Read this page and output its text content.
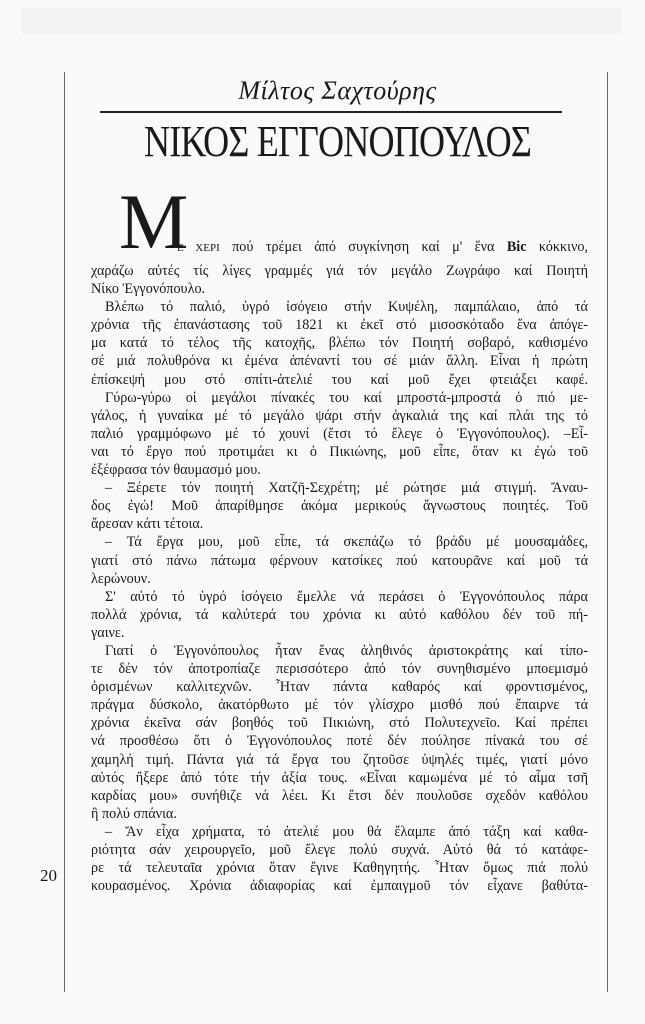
Μίλτος Σαχτούρης
ΝΙΚΟΣ ΕΓΓΟΝΟΠΟΥΛΟΣ
Μ
Ε ΧΕΡΙ πού τρέμει ἀπό συγκίνηση καί μ' ἕνα Bic κόκκινο,
χαράζω αὐτές τίς λίγες γραμμές γιά τόν μεγάλο Ζωγράφο καί Ποιητή
Νίκο Ἐγγονόπουλο.
Βλέπω τό παλιό, ὑγρό ἰσόγειο στήν Κυψέλη, παμπάλαιο, ἀπό τά
χρόνια τῆς ἐπανάστασης τοῦ 1821 κι ἐκεῖ στό μισοσκόταδο ἕνα ἀπόγε-
μα κατά τό τέλος τῆς κατοχῆς, βλέπω τόν Ποιητή σοβαρό, καθισμένο
σέ μιά πολυθρόνα κι ἐμένα ἀπέναντί του σέ μιάν ἄλλη. Εἶναι ἡ πρώτη
ἐπίσκεψή μου στό σπίτι-ἀτελιέ του καί μοῦ ἔχει φτειάξει καφέ.
Γύρω-γύρω οἱ μεγάλοι πίνακές του καί μπροστά-μπροστά ὁ πιό με-
γάλος, ἡ γυναίκα μέ τό μεγάλο ψάρι στήν ἀγκαλιά της καί πλάι της τό
παλιό γραμμόφωνο μέ τό χουνί (ἔτσι τό ἔλεγε ὁ Ἐγγονόπουλος). –Εἶ-
ναι τό ἔργο πού προτιμάει κι ὁ Πικιώνης, μοῦ εἶπε, ὅταν κι ἐγώ τοῦ
ἐξέφρασα τόν θαυμασμό μου.
– Ξέρετε τόν ποιητή Χατζῆ-Σεχρέτη; μέ ρώτησε μιά στιγμή. Ἄναυ-
δος ἐγώ! Μοῦ ἀπαρίθμησε ἀκόμα μερικούς ἄγνωστους ποιητές. Τοῦ
ἄρεσαν κάτι τέτοια.
– Τά ἔργα μου, μοῦ εἶπε, τά σκεπάζω τό βράδυ μέ μουσαμάδες,
γιατί στό πάνω πάτωμα φέρνουν κατσίκες πού κατουρᾶνε καί μοῦ τά
λερώνουν.
Σ' αὐτό τό ὑγρό ἰσόγειο ἔμελλε νά περάσει ὁ Ἐγγονόπουλος πάρα
πολλά χρόνια, τά καλύτερά του χρόνια κι αὐτό καθόλου δέν τοῦ πή-
γαινε.
Γιατί ὁ Ἐγγονόπουλος ἦταν ἕνας ἀληθινός ἀριστοκράτης καί τίπο-
τε δέν τόν ἀποτροπίαζε περισσότερο ἀπό τόν συνηθισμένο μποεμισμό
ὁρισμένων καλλιτεχνῶν. Ἦταν πάντα καθαρός καί φροντισμένος,
πράγμα δύσκολο, ἀκατόρθωτο μέ τόν γλίσχρο μισθό πού ἔπαιρνε τά
χρόνια ἐκεῖνα σάν βοηθός τοῦ Πικιώνη, στό Πολυτεχνεῖο. Καί πρέπει
νά προσθέσω ὅτι ὁ Ἐγγονόπουλος ποτέ δέν πούλησε πίνακά του σέ
χαμηλή τιμή. Πάντα γιά τά ἔργα του ζητοῦσε ὑψηλές τιμές, γιατί μόνο
αὐτός ἤξερε ἀπό τότε τήν ἀξία τους. «Εἶναι καμωμένα μέ τό αἷμα τσῆ
καρδίας μου» συνήθιζε νά λέει. Κι ἔτσι δέν πουλοῦσε σχεδόν καθόλου
ἢ πολύ σπάνια.
– Ἄν εἶχα χρήματα, τό ἀτελιέ μου θά ἔλαμπε ἀπό τάξη καί καθα-
ριότητα σάν χειρουργεῖο, μοῦ ἔλεγε πολύ συχνά. Αὐτό θά τό κατάφε-
ρε τά τελευταῖα χρόνια ὅταν ἔγινε Καθηγητής. Ἦταν ὅμως πιά πολύ
κουρασμένος. Χρόνια ἀδιαφορίας καί ἐμπαιγμοῦ τόν εἶχανε βαθύτα-
20
